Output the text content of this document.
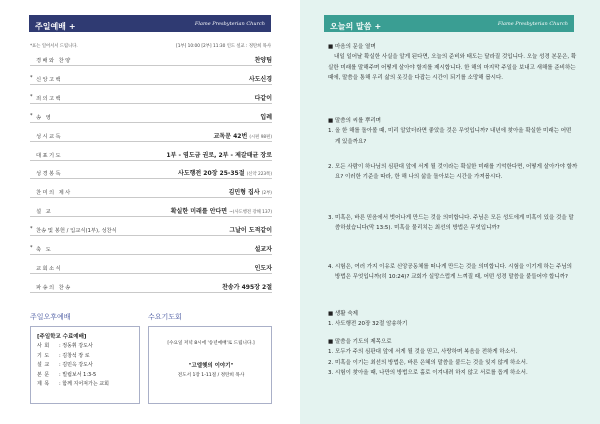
주일예배 +	Flame Presbyterian Church
*표는 일어서서 드립니다.	[1부] 10:00 [2부] 11:30 인도 설교 : 정탄희 목사
경배와 찬양	찬양팀
* 신앙고백	사도신경
* 죄의고백	다같이
* 송 영	입례
성시교독	교독문 42번 (시편 98편)
대표기도	1부 - 염도금 권로, 2부 - 제갈태균 장로
성경봉독	사도행전 20장 25-35절 (신약 223쪽)
찬미의 제사	김민형 집사 (2부)
설 교	확실한 미래를 안다면 ~(사도행전 강해 137)
* 찬송 및 봉헌 / 입교식(1부), 성찬식	그날이 도적같이
* 축 도	설교자
교회소식	인도자
파송의 찬송	찬송가 495장 2절
주일오후예배
[주일학교 수료예배]
사 회 : 정동휘 강도사
기 도 : 김창석 장 로
설 교 : 김민옥 강도사
본 문 : 빌립보서 1:3-5
제 목 : 함께 지어져가는 교회
수요기도회
[수요일 저녁 8시에 '송년예배'로 드립니다.]
"고엘헷의 이야기"
전도서 1장 1-11절 / 정탄희 목사
오늘의 말씀 +	Flame Presbyterian Church
■ 마음의 문을 열며
내일 일어날 확실한 사실을 알게 된다면, 오늘의 준비와 태도는 달라질 것입니다. 오늘 성경 본문은, 확실한 미래를 말해주며 어떻게 살아야 할지를 제시합니다. 한 해의 마지막 주일을 보내고 새해를 준비하는 때에, 말씀을 통해 우리 삶의 옷깃을 다잡는 시간이 되기를 소망해 봅시다.
■ 말씀의 씨를 뿌리며
1. 올 한 해를 돌아볼 때, 미리 알았더라면 좋았을 것은 무엇입니까? 내년에 찾아올 확실한 미래는 어떤 게 있을까요?
2. 모든 사람이 하나님의 심판대 앞에 서게 될 것이라는 확실한 미래를 기억한다면, 어떻게 살아가야 할까요? 이러한 기준을 따라, 한 해 나의 삶을 돌아보는 시간을 가져봅시다.
3. 미혹은, 바른 믿음에서 벗어나게 만드는 것을 의미합니다. 주님은 모든 성도에게 미혹이 있을 것을 말씀하셨습니다(막 13:5). 미혹을 물리치는 최선의 방법은 무엇입니까?
4. 시험은, 여러 가지 이유로 신앙공동체를 떠나게 만드는 것을 의미합니다. 시험을 이기게 하는 주님의 방법은 무엇입니까(히 10:24)? 교회가 실망스럽게 느껴질 때, 어떤 성경 말씀을 붙들어야 합니까?
■ 생활 숙제
1. 사도행전 20장 32절 암송하기
■ 말씀을 기도의 제목으로
1. 모두가 주의 심판대 앞에 서게 될 것을 믿고, 사랑하며 복음을 전하게 하소서.
2. 미혹을 이기는 최선의 방법은, 바른 은혜의 말씀을 붙드는 것을 잊지 않게 하소서.
3. 시험이 찾아올 때, 나만의 방법으로 홀로 이겨내려 하지 않고 서로를 돕게 하소서.
